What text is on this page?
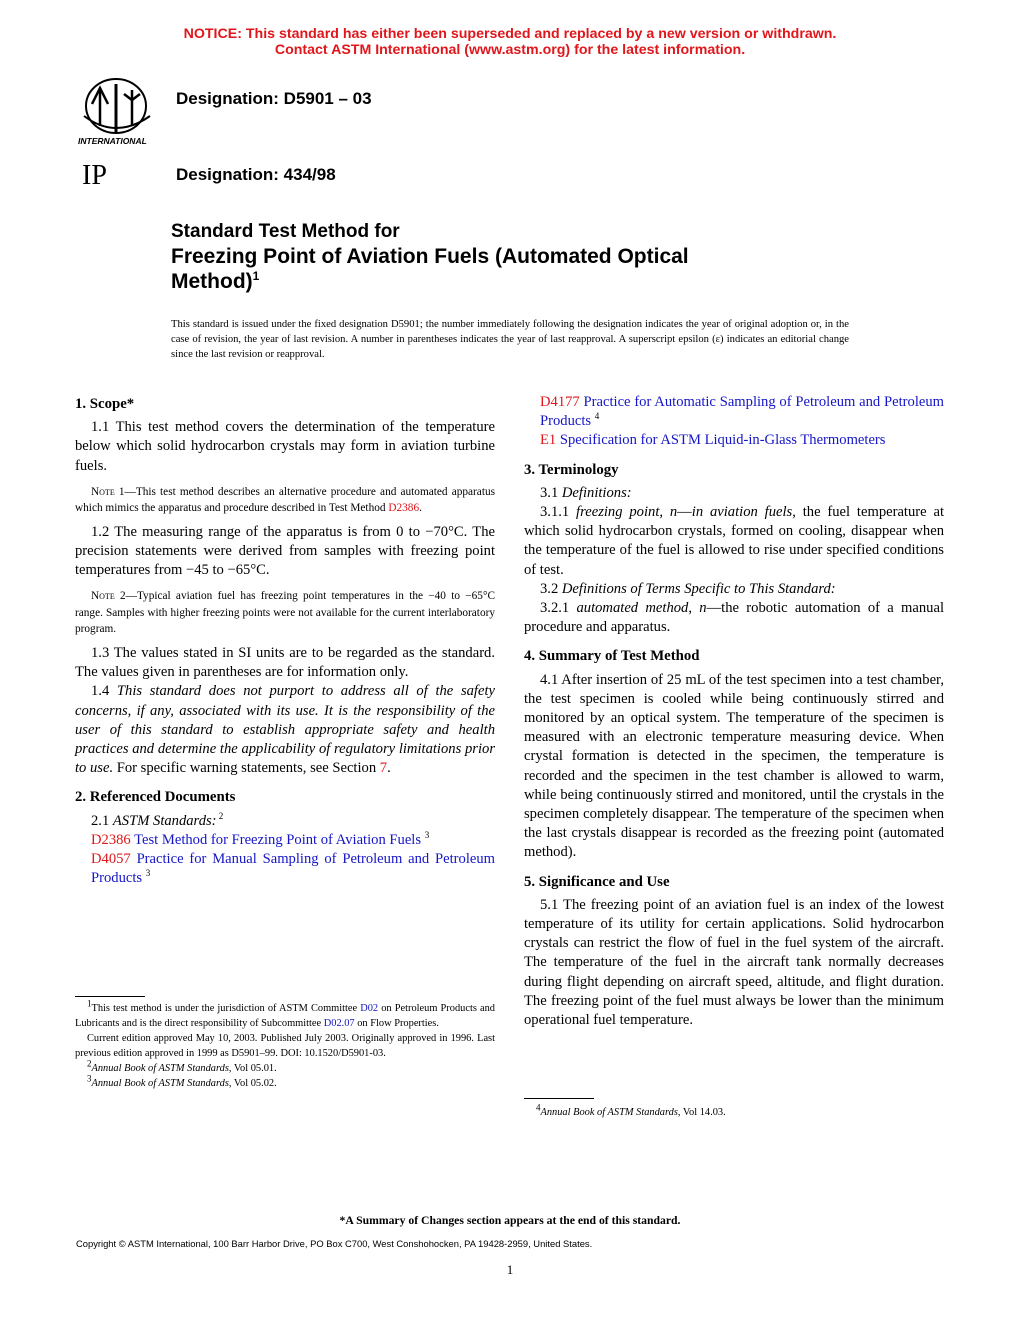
NOTICE: This standard has either been superseded and replaced by a new version or withdrawn.
Contact ASTM International (www.astm.org) for the latest information.
INTERNATIONAL
IP
Designation: D5901 – 03
Designation: 434/98
Standard Test Method for
Freezing Point of Aviation Fuels (Automated Optical
Method)$^1$
This standard is issued under the fixed designation D5901; the number immediately following the designation indicates the year of original adoption or, in the case of revision, the year of last revision. A number in parentheses indicates the year of last reapproval. A superscript epsilon (ε) indicates an editorial change since the last revision or reapproval.
1. Scope*

1.1 This test method covers the determination of the temperature below which solid hydrocarbon crystals may form in aviation turbine fuels.

Note 1—This test method describes an alternative procedure and automated apparatus which mimics the apparatus and procedure described in Test Method D2386.

1.2 The measuring range of the apparatus is from 0 to −70°C. The precision statements were derived from samples with freezing point temperatures from −45 to −65°C.

Note 2—Typical aviation fuel has freezing point temperatures in the −40 to −65°C range. Samples with higher freezing points were not available for the current interlaboratory program.

1.3 The values stated in SI units are to be regarded as the standard. The values given in parentheses are for information only.

1.4 This standard does not purport to address all of the safety concerns, if any, associated with its use. It is the responsibility of the user of this standard to establish appropriate safety and health practices and determine the applicability of regulatory limitations prior to use. For specific warning statements, see Section 7.

2. Referenced Documents

2.1 ASTM Standards: $^2$

D2386 Test Method for Freezing Point of Aviation Fuels $^3$

D4057 Practice for Manual Sampling of Petroleum and Petroleum Products $^3$

D4177 Practice for Automatic Sampling of Petroleum and Petroleum Products $^4$

E1 Specification for ASTM Liquid-in-Glass Thermometers

3. Terminology

3.1 Definitions:

3.1.1 freezing point, n—in aviation fuels, the fuel temperature at which solid hydrocarbon crystals, formed on cooling, disappear when the temperature of the fuel is allowed to rise under specified conditions of test.

3.2 Definitions of Terms Specific to This Standard:

3.2.1 automated method, n—the robotic automation of a manual procedure and apparatus.

4. Summary of Test Method

4.1 After insertion of 25 mL of the test specimen into a test chamber, the test specimen is cooled while being continuously stirred and monitored by an optical system. The temperature of the specimen is measured with an electronic temperature measuring device. When crystal formation is detected in the specimen, the temperature is recorded and the specimen in the test chamber is allowed to warm, while being continuously stirred and monitored, until the crystals in the specimen completely disappear. The temperature of the specimen when the last crystals disappear is recorded as the freezing point (automated method).

5. Significance and Use

5.1 The freezing point of an aviation fuel is an index of the lowest temperature of its utility for certain applications. Solid hydrocarbon crystals can restrict the flow of fuel in the fuel system of the aircraft. The temperature of the fuel in the aircraft tank normally decreases during flight depending on aircraft speed, altitude, and flight duration. The freezing point of the fuel must always be lower than the minimum operational fuel temperature.

$^1$This test method is under the jurisdiction of ASTM Committee D02 on Petroleum Products and Lubricants and is the direct responsibility of Subcommittee D02.07 on Flow Properties.

Current edition approved May 10, 2003. Published July 2003. Originally approved in 1996. Last previous edition approved in 1999 as D5901–99. DOI: 10.1520/D5901-03.

$^2$Annual Book of ASTM Standards, Vol 05.01.

$^3$Annual Book of ASTM Standards, Vol 05.02.

$^4$Annual Book of ASTM Standards, Vol 14.03.

*A Summary of Changes section appears at the end of this standard.
Copyright © ASTM International, 100 Barr Harbor Drive, PO Box C700, West Conshohocken, PA 19428-2959, United States.
1
